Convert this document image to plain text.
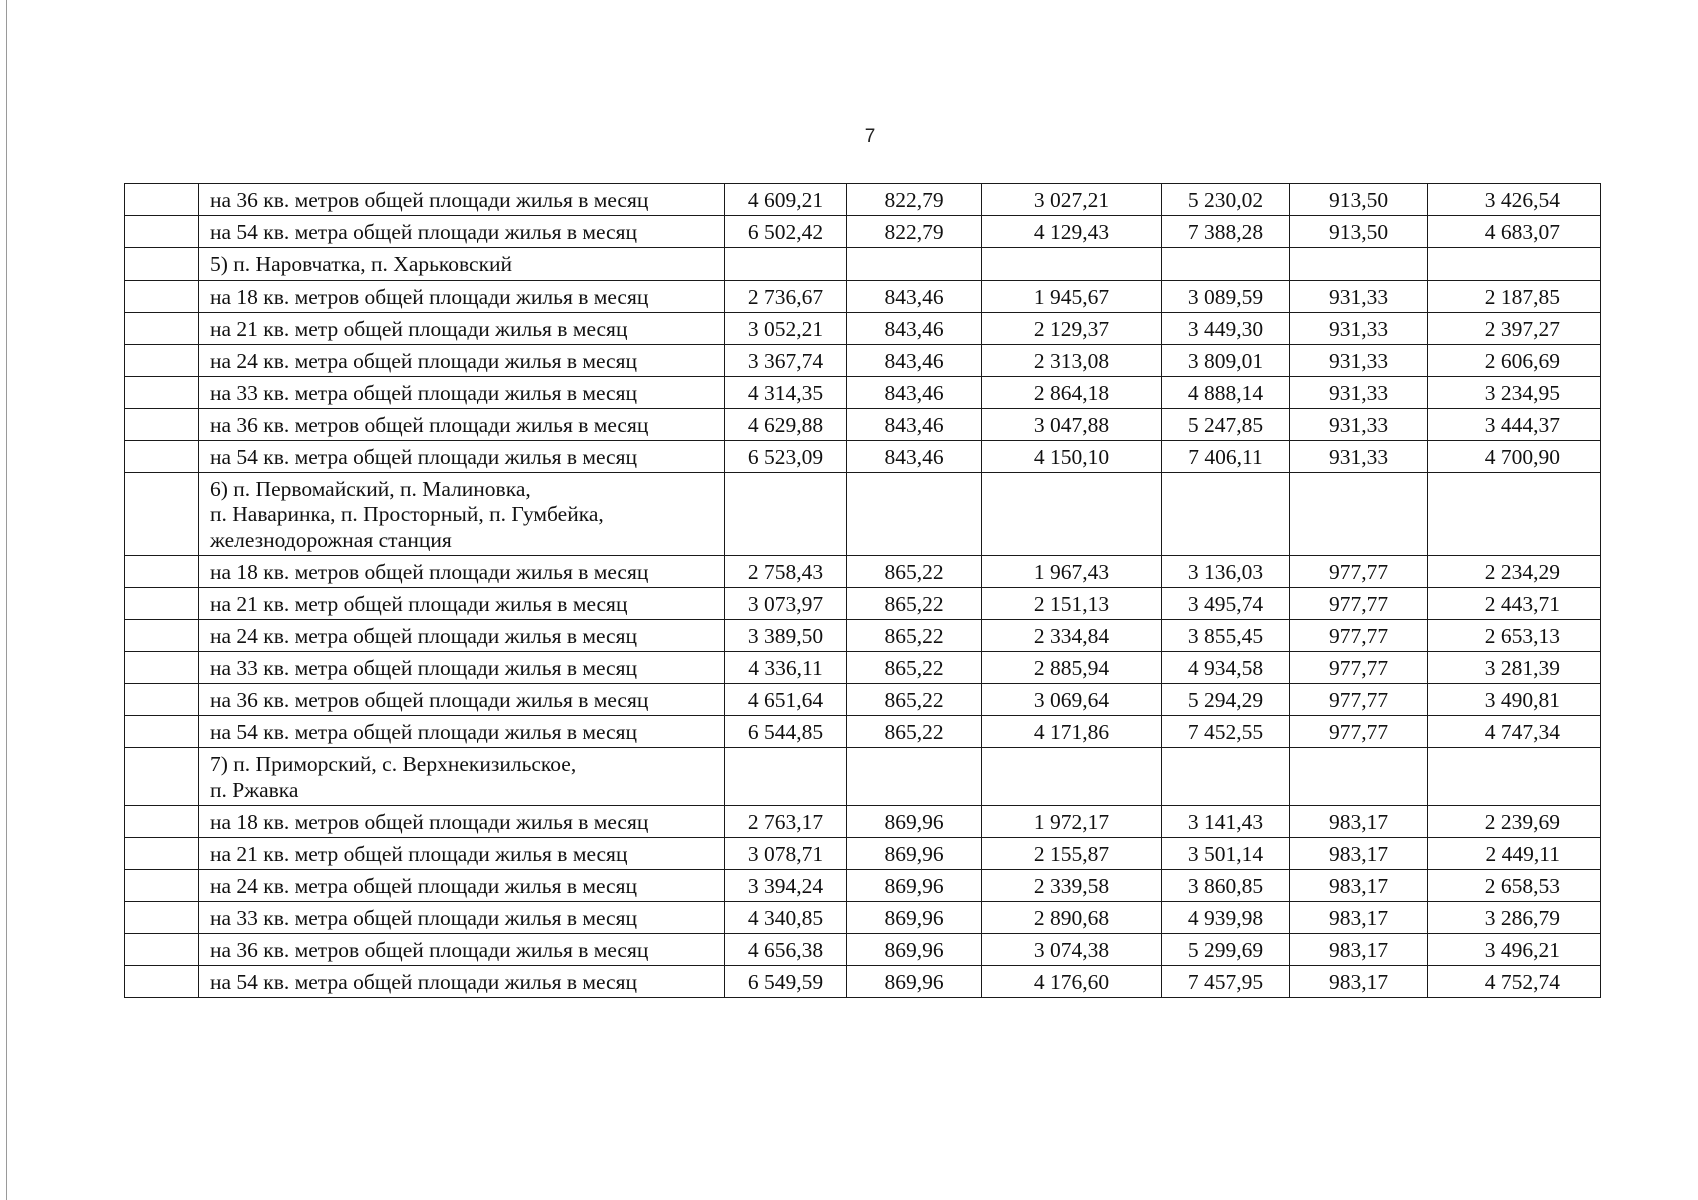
7
	на 36 кв. метров общей площади жилья в месяц	4 609,21	822,79	3 027,21	5 230,02	913,50	3 426,54
	на 54 кв. метра общей площади жилья в месяц	6 502,42	822,79	4 129,43	7 388,28	913,50	4 683,07

	5) п. Наровчатка, п. Харьковский						

	на 18 кв. метров общей площади жилья в месяц	2 736,67	843,46	1 945,67	3 089,59	931,33	2 187,85
	на 21 кв. метр общей площади жилья в месяц	3 052,21	843,46	2 129,37	3 449,30	931,33	2 397,27
	на 24 кв. метра общей площади жилья в месяц	3 367,74	843,46	2 313,08	3 809,01	931,33	2 606,69
	на 33 кв. метра общей площади жилья в месяц	4 314,35	843,46	2 864,18	4 888,14	931,33	3 234,95
	на 36 кв. метров общей площади жилья в месяц	4 629,88	843,46	3 047,88	5 247,85	931,33	3 444,37
	на 54 кв. метра общей площади жилья в месяц	6 523,09	843,46	4 150,10	7 406,11	931,33	4 700,90

	6) п. Первомайский, п. Малиновка,
п. Наваринка, п. Просторный, п. Гумбейка,
железнодорожная станция						

	на 18 кв. метров общей площади жилья в месяц	2 758,43	865,22	1 967,43	3 136,03	977,77	2 234,29
	на 21 кв. метр общей площади жилья в месяц	3 073,97	865,22	2 151,13	3 495,74	977,77	2 443,71
	на 24 кв. метра общей площади жилья в месяц	3 389,50	865,22	2 334,84	3 855,45	977,77	2 653,13
	на 33 кв. метра общей площади жилья в месяц	4 336,11	865,22	2 885,94	4 934,58	977,77	3 281,39
	на 36 кв. метров общей площади жилья в месяц	4 651,64	865,22	3 069,64	5 294,29	977,77	3 490,81
	на 54 кв. метра общей площади жилья в месяц	6 544,85	865,22	4 171,86	7 452,55	977,77	4 747,34

	7) п. Приморский, с. Верхнекизильское,
п. Ржавка						

	на 18 кв. метров общей площади жилья в месяц	2 763,17	869,96	1 972,17	3 141,43	983,17	2 239,69
	на 21 кв. метр общей площади жилья в месяц	3 078,71	869,96	2 155,87	3 501,14	983,17	2 449,11
	на 24 кв. метра общей площади жилья в месяц	3 394,24	869,96	2 339,58	3 860,85	983,17	2 658,53
	на 33 кв. метра общей площади жилья в месяц	4 340,85	869,96	2 890,68	4 939,98	983,17	3 286,79
	на 36 кв. метров общей площади жилья в месяц	4 656,38	869,96	3 074,38	5 299,69	983,17	3 496,21
	на 54 кв. метра общей площади жилья в месяц	6 549,59	869,96	4 176,60	7 457,95	983,17	4 752,74
